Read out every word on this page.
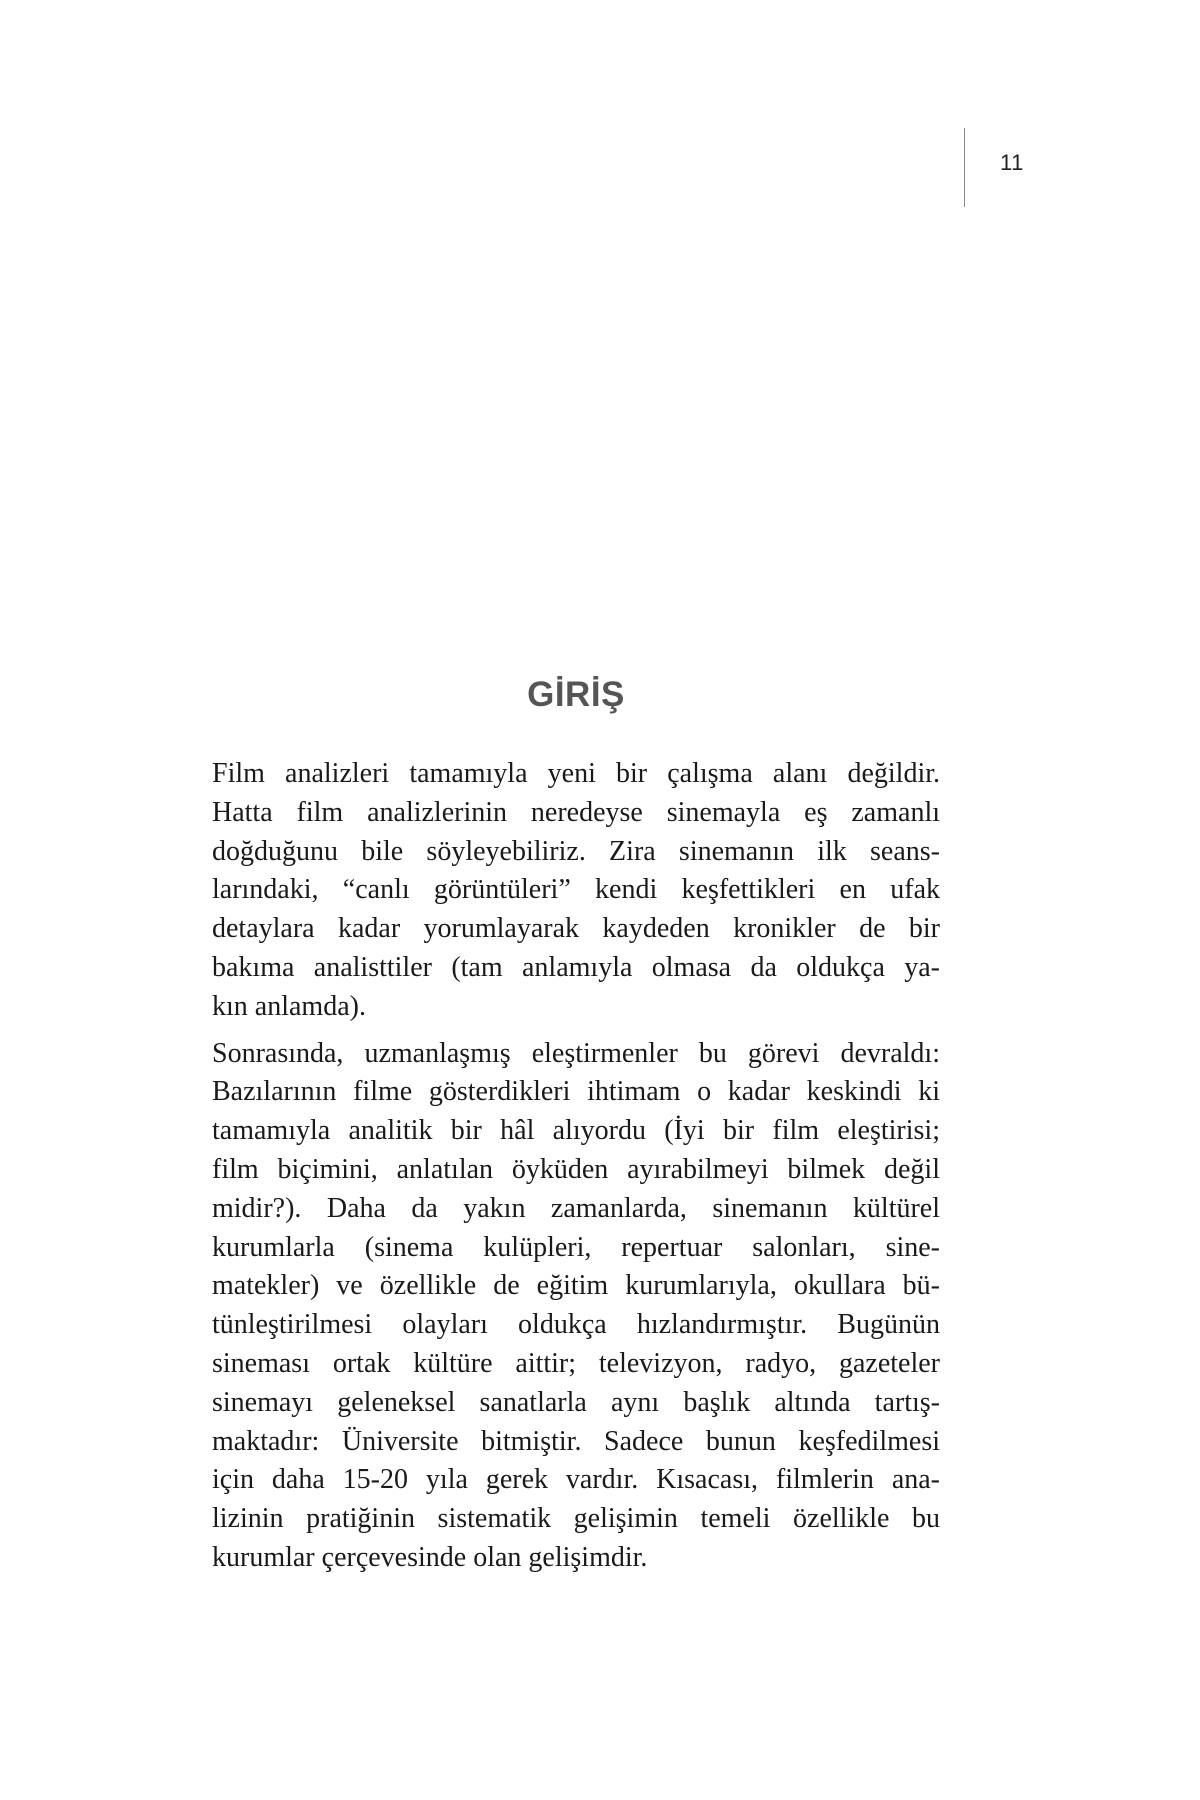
11
GİRİŞ

Film analizleri tamamıyla yeni bir çalışma alanı değildir.
Hatta film analizlerinin neredeyse sinemayla eş zamanlı
doğduğunu bile söyleyebiliriz. Zira sinemanın ilk seans-
larındaki, “canlı görüntüleri” kendi keşfettikleri en ufak
detaylara kadar yorumlayarak kaydeden kronikler de bir
bakıma analisttiler (tam anlamıyla olmasa da oldukça ya-
kın anlamda).

Sonrasında, uzmanlaşmış eleştirmenler bu görevi devraldı:
Bazılarının filme gösterdikleri ihtimam o kadar keskindi ki
tamamıyla analitik bir hâl alıyordu (İyi bir film eleştirisi;
film biçimini, anlatılan öyküden ayırabilmeyi bilmek değil
midir?). Daha da yakın zamanlarda, sinemanın kültürel
kurumlarla (sinema kulüpleri, repertuar salonları, sine-
matekler) ve özellikle de eğitim kurumlarıyla, okullara bü-
tünleştirilmesi olayları oldukça hızlandırmıştır. Bugünün
sineması ortak kültüre aittir; televizyon, radyo, gazeteler
sinemayı geleneksel sanatlarla aynı başlık altında tartış-
maktadır: Üniversite bitmiştir. Sadece bunun keşfedilmesi
için daha 15-20 yıla gerek vardır. Kısacası, filmlerin ana-
lizinin pratiğinin sistematik gelişimin temeli özellikle bu
kurumlar çerçevesinde olan gelişimdir.
